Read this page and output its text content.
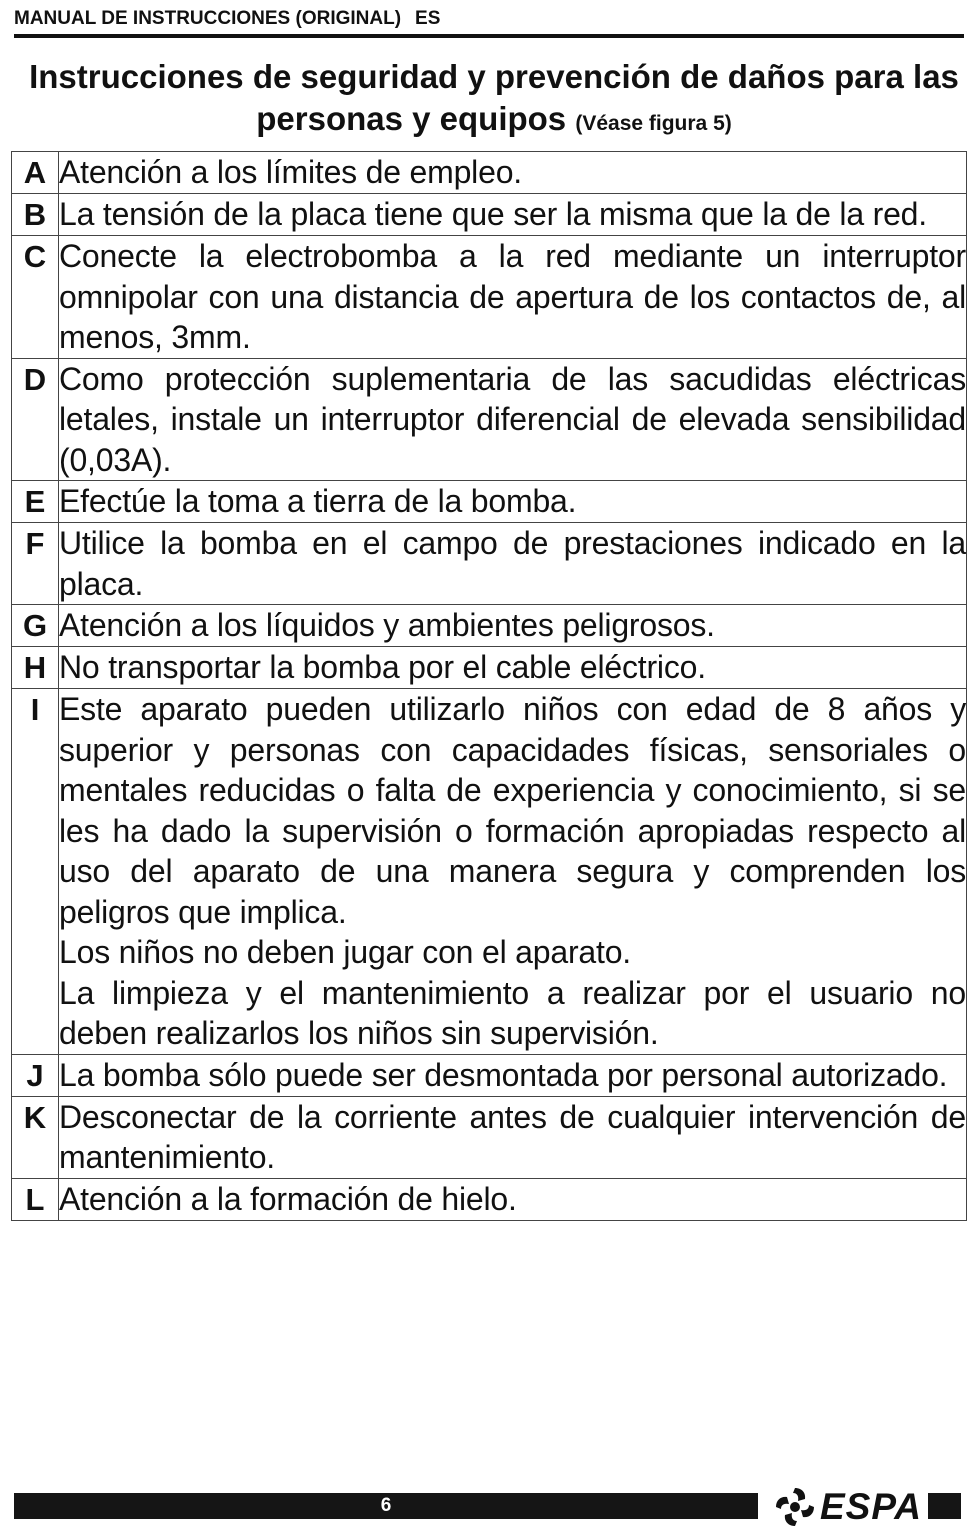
MANUAL DE INSTRUCCIONES (ORIGINAL) ES
Instrucciones de seguridad y prevención de daños para las personas y equipos (Véase figura 5)
A	Atención a los límites de empleo.
B	La tensión de la placa tiene que ser la misma que la de la red.
C	Conecte la electrobomba a la red mediante un interruptor omnipolar con una distancia de apertura de los contactos de, al menos, 3mm.
D	Como protección suplementaria de las sacudidas eléctricas letales, instale un interruptor diferencial de elevada sensibilidad (0,03A).
E	Efectúe la toma a tierra de la bomba.
F	Utilice la bomba en el campo de prestaciones indicado en la placa.
G	Atención a los líquidos y ambientes peligrosos.
H	No transportar la bomba por el cable eléctrico.
I	Este aparato pueden utilizarlo niños con edad de 8 años y superior y personas con capacidades físicas, sensoriales o mentales reducidas o falta de experiencia y conocimiento, si se les ha dado la supervisión o formación apropiadas respecto al uso del aparato de una manera segura y comprenden los peligros que implica.

Los niños no deben jugar con el aparato.

La limpieza y el mantenimiento a realizar por el usuario no deben realizarlos los niños sin supervisión.

J	La bomba sólo puede ser desmontada por personal autorizado.
K	Desconectar de la corriente antes de cualquier intervención de mantenimiento.
L	Atención a la formación de hielo.
6	ESPA
